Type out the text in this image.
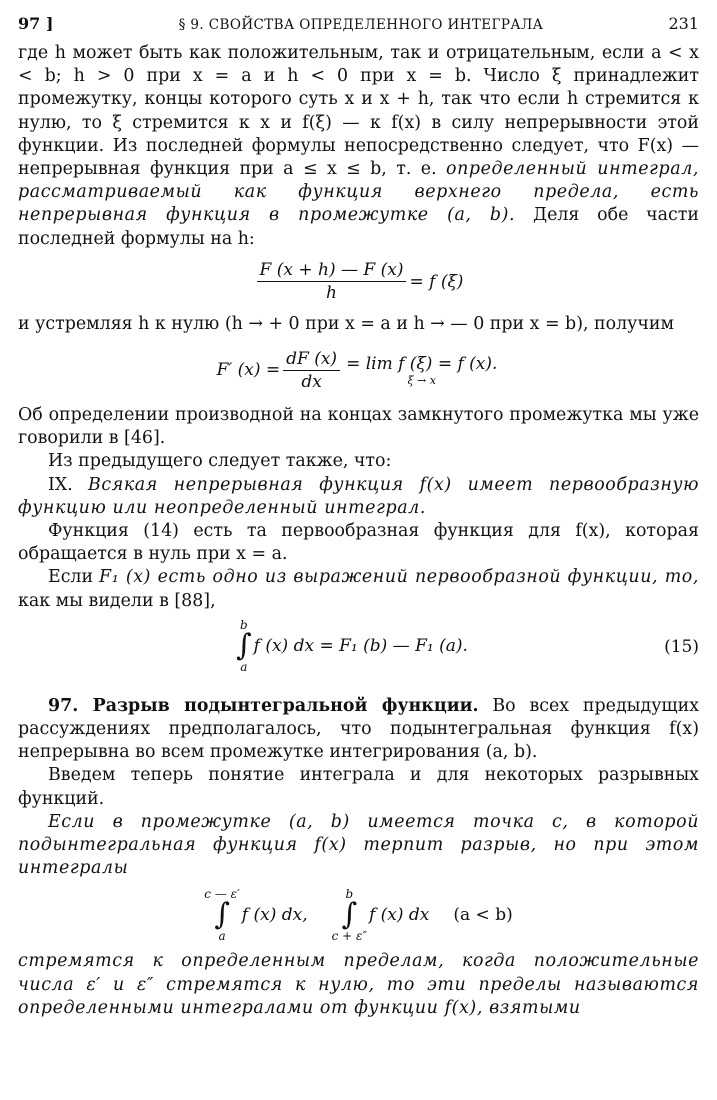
97 ]	§ 9. СВОЙСТВА ОПРЕДЕЛЕННОГО ИНТЕГРАЛА	231

где h может быть как положительным, так и отрицательным, если a < x < b; h > 0 при x = a и h < 0 при x = b. Число ξ принадлежит промежутку, концы которого суть x и x + h, так что если h стремится к нулю, то ξ стремится к x и f(ξ) — к f(x) в силу непрерывности этой функции. Из последней формулы непосредственно следует, что F(x) — непрерывная функция при a ≤ x ≤ b, т. е. определенный интеграл, рассматриваемый как функция верхнего предела, есть непрерывная функция в промежутке (a, b). Деля обе части последней формулы на h:

$\frac{F (x + h) — F (x)}{h} = f$ (ξ)

и устремляя h к нулю (h → + 0 при x = a и h → — 0 при x = b), получим

F′ $(x) = \frac{dF (x)}{dx} = \lim f$ (ξ) = f (x).
ξ → x

Об определении производной на концах замкнутого промежутка мы уже говорили в [46].

Из предыдущего следует также, что:

IX. Всякая непрерывная функция f(x) имеет первообразную функцию или неопределенный интеграл.

Функция (14) есть та первообразная функция для f(x), которая обращается в нуль при x = a.

Если F₁ (x) есть одно из выражений первообразной функции, то, как мы видели в [88],

b
∫
a
f (x) dx = F₁ (b) — F₁ (a).	(15)

97. Разрыв подынтегральной функции. Во всех предыдущих рассуждениях предполагалось, что подынтегральная функция f(x) непрерывна во всем промежутке интегрирования (a, b).

Введем теперь понятие интеграла и для некоторых разрывных функций.

Если в промежутке (a, b) имеется точка c, в которой подынтегральная функция f(x) терпит разрыв, но при этом интегралы

c — ε′
∫
a
f (x) dx,
b
∫
c + ε″
f (x) dx (a < b)

стремятся к определенным пределам, когда положительные числа ε′ и ε″ стремятся к нулю, то эти пределы называются определенными интегралами от функции f(x), взятыми
